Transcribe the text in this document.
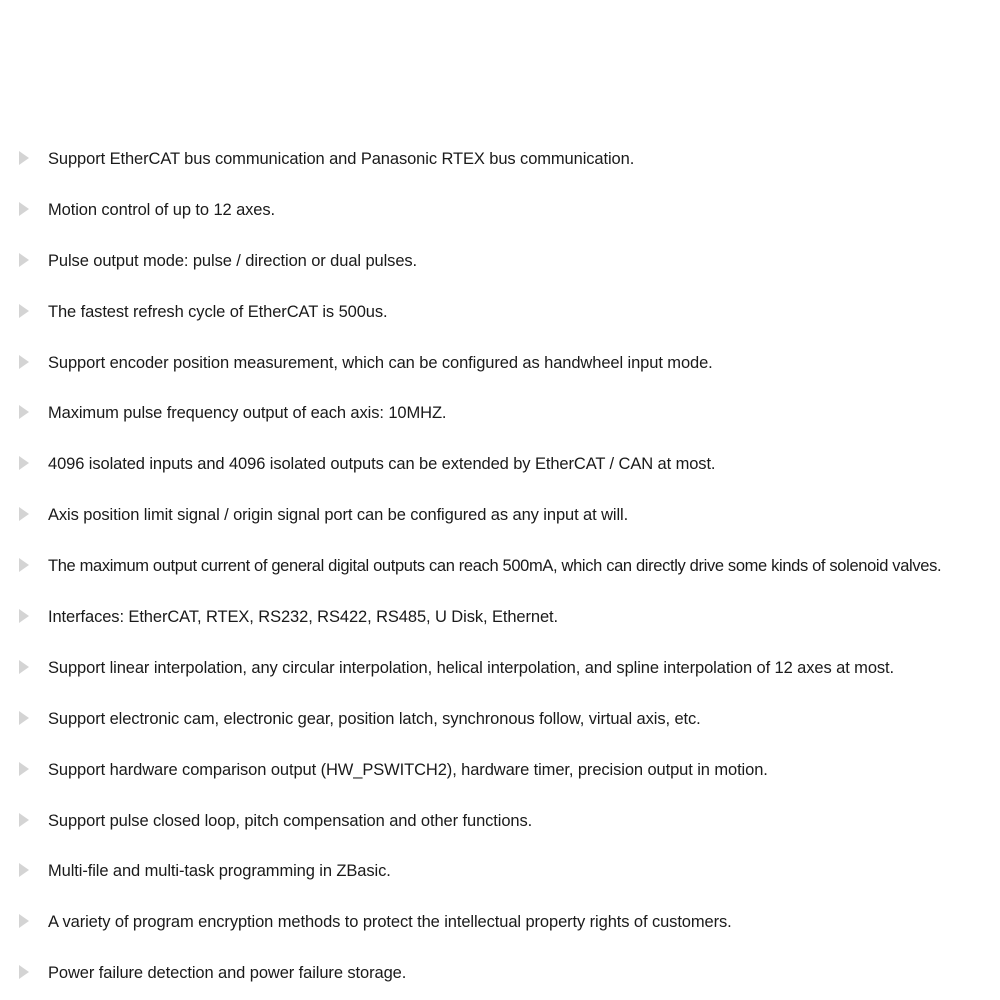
Support EtherCAT bus communication and Panasonic RTEX bus communication.
Motion control of up to 12 axes.
Pulse output mode: pulse / direction or dual pulses.
The fastest refresh cycle of EtherCAT is 500us.
Support encoder position measurement, which can be configured as handwheel input mode.
Maximum pulse frequency output of each axis: 10MHZ.
4096 isolated inputs and 4096 isolated outputs can be extended by EtherCAT / CAN at most.
Axis position limit signal / origin signal port can be configured as any input at will.
The maximum output current of general digital outputs can reach 500mA, which can directly drive some kinds of solenoid valves.
Interfaces: EtherCAT, RTEX, RS232, RS422, RS485, U Disk, Ethernet.
Support linear interpolation, any circular interpolation, helical interpolation, and spline interpolation of 12 axes at most.
Support electronic cam, electronic gear, position latch, synchronous follow, virtual axis, etc.
Support hardware comparison output (HW_PSWITCH2), hardware timer, precision output in motion.
Support pulse closed loop, pitch compensation and other functions.
Multi-file and multi-task programming in ZBasic.
A variety of program encryption methods to protect the intellectual property rights of customers.
Power failure detection and power failure storage.
